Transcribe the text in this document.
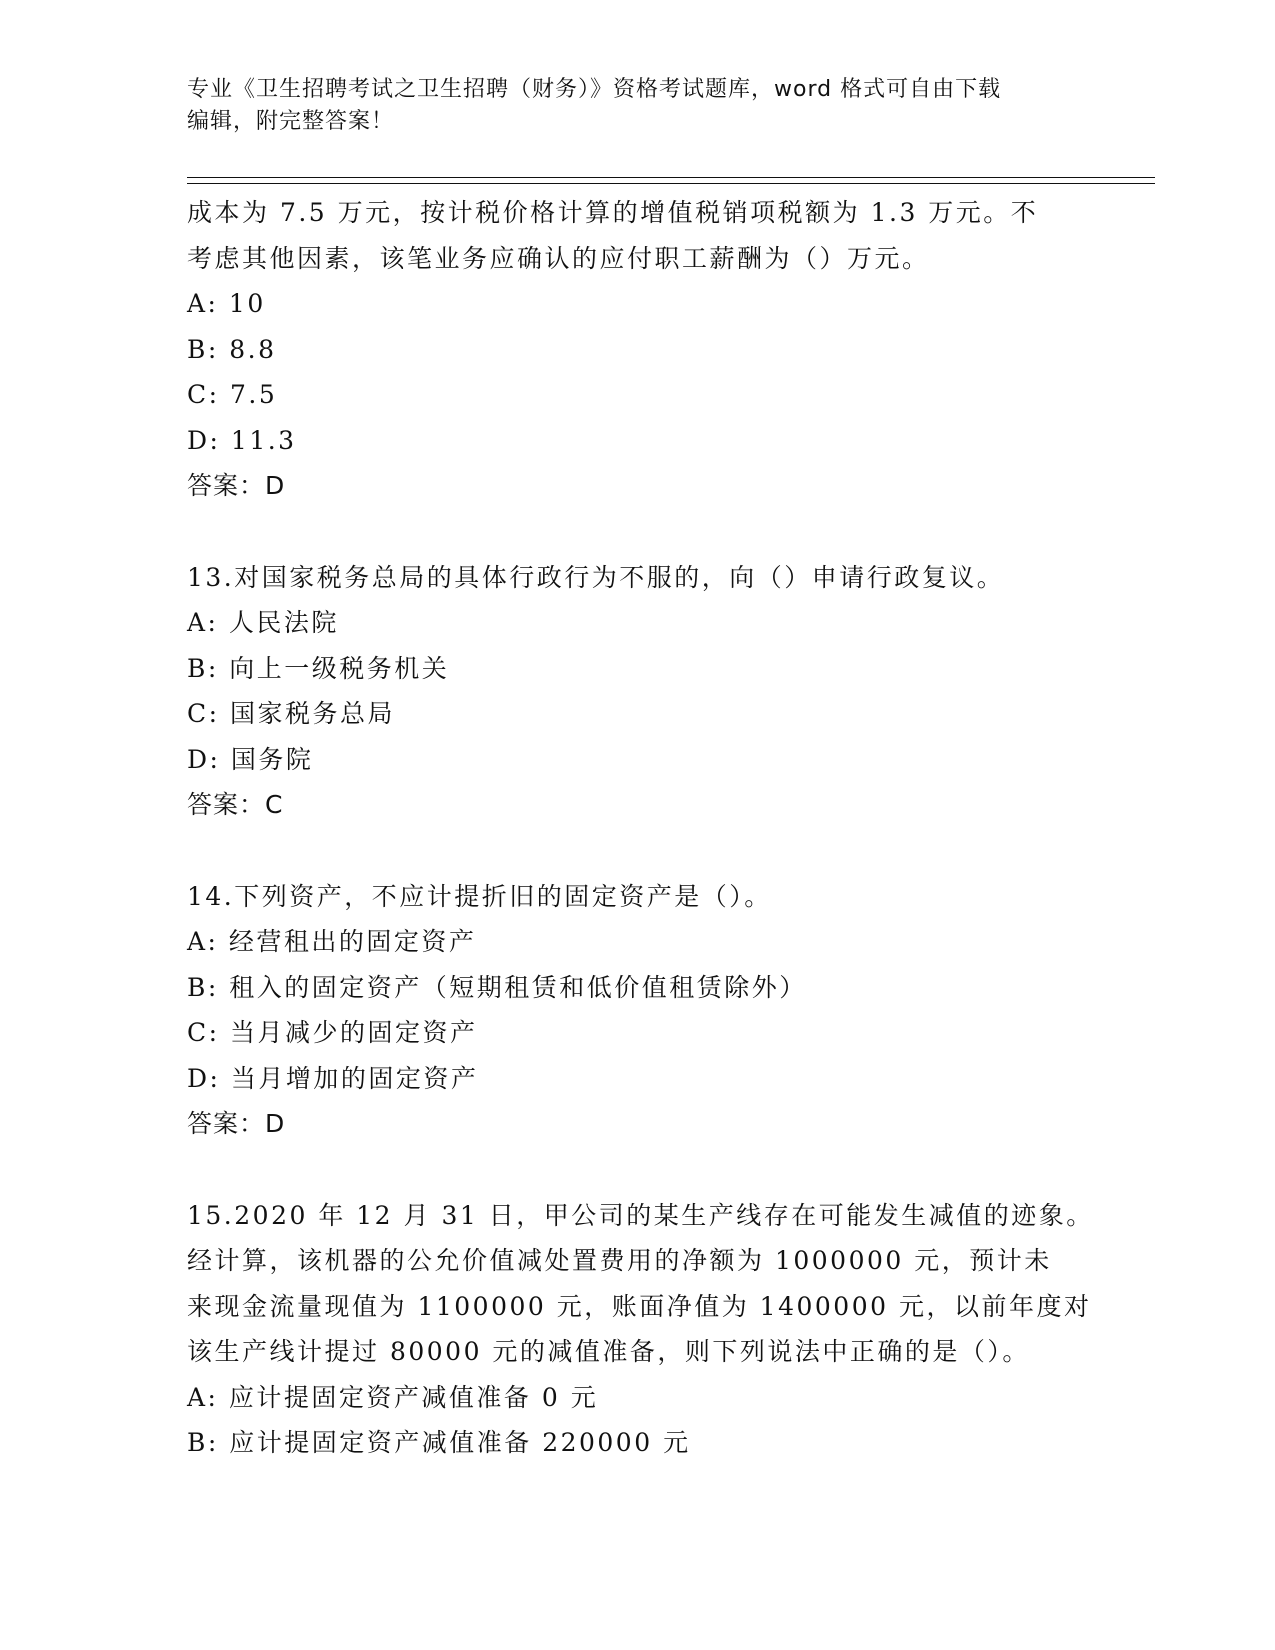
专业《卫生招聘考试之卫生招聘（财务）》资格考试题库，word 格式可自由下载
编辑，附完整答案！
成本为 7.5 万元，按计税价格计算的增值税销项税额为 1.3 万元。不
考虑其他因素，该笔业务应确认的应付职工薪酬为（）万元。
A: 10
B: 8.8
C: 7.5
D: 11.3
答案：D
13.对国家税务总局的具体行政行为不服的，向（）申请行政复议。
A: 人民法院
B: 向上一级税务机关
C: 国家税务总局
D: 国务院
答案：C
14.下列资产，不应计提折旧的固定资产是（）。
A: 经营租出的固定资产
B: 租入的固定资产（短期租赁和低价值租赁除外）
C: 当月减少的固定资产
D: 当月增加的固定资产
答案：D
15.2020 年 12 月 31 日，甲公司的某生产线存在可能发生减值的迹象。
经计算，该机器的公允价值减处置费用的净额为 1000000 元，预计未
来现金流量现值为 1100000 元，账面净值为 1400000 元，以前年度对
该生产线计提过 80000 元的减值准备，则下列说法中正确的是（）。
A: 应计提固定资产减值准备 0 元
B: 应计提固定资产减值准备 220000 元
